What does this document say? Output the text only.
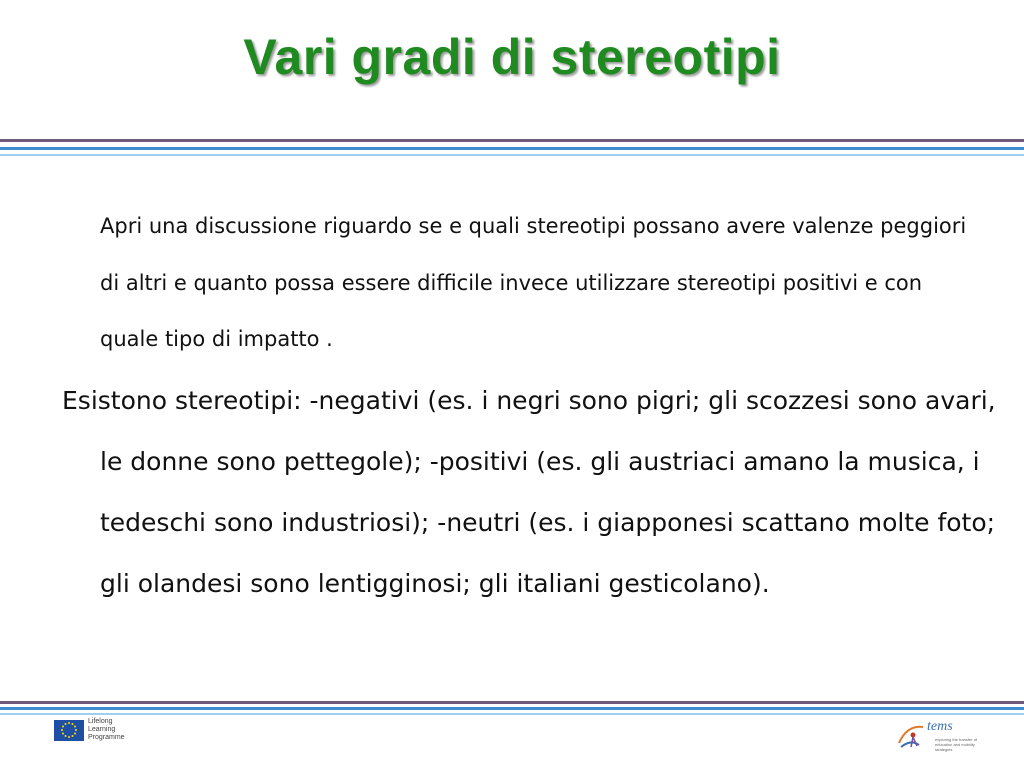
Vari gradi di stereotipi
Apri una discussione riguardo se e quali stereotipi possano avere valenze peggiori di altri e quanto possa essere difficile invece utilizzare stereotipi positivi e con quale tipo di impatto .
Esistono stereotipi: -negativi (es. i negri sono pigri; gli scozzesi sono avari, le donne sono pettegole); -positivi (es. gli austriaci amano la musica, i tedeschi sono industriosi); -neutri (es. i giapponesi scattano molte foto; gli olandesi sono lentigginosi; gli italiani gesticolano).
Lifelong
Learning
Programme
tems
exploring the transfer of education and mobility strategies
